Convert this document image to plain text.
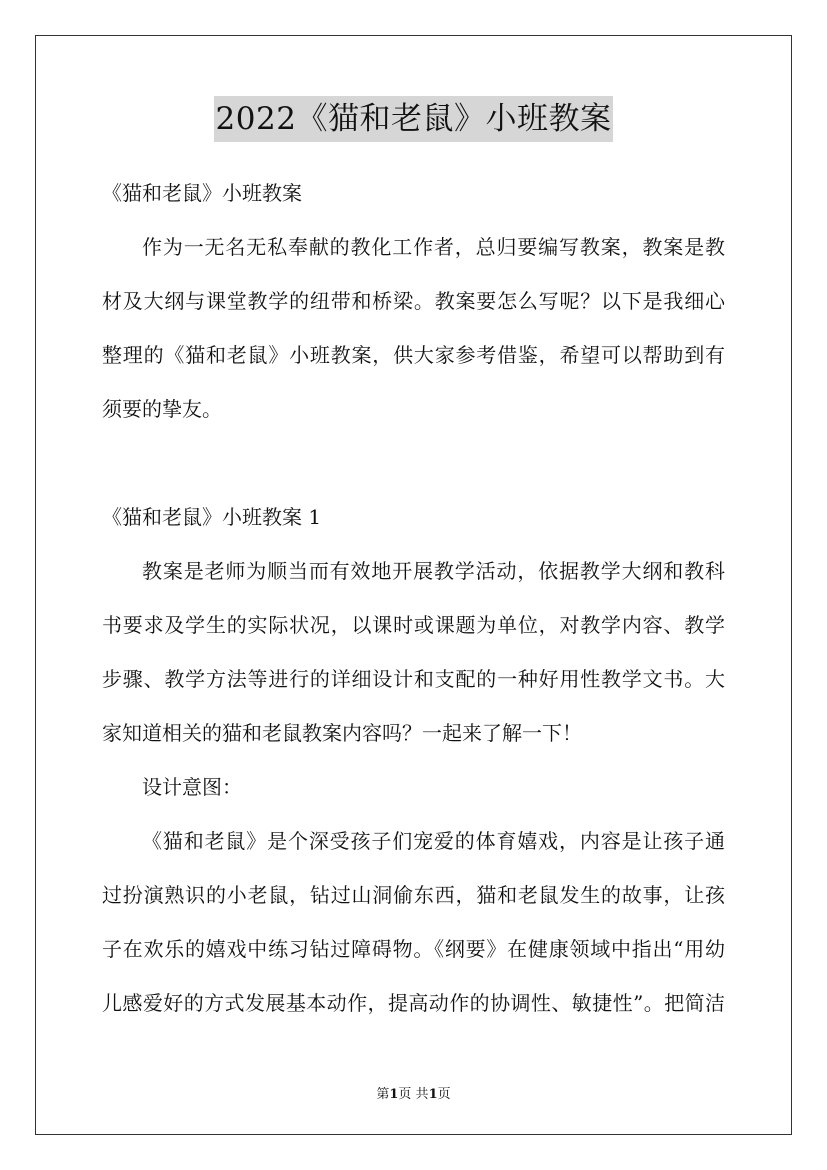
2022《猫和老鼠》小班教案
《猫和老鼠》小班教案
作为一无名无私奉献的教化工作者，总归要编写教案，教案是教
材及大纲与课堂教学的纽带和桥梁。教案要怎么写呢？以下是我细心
整理的《猫和老鼠》小班教案，供大家参考借鉴，希望可以帮助到有
须要的挚友。
《猫和老鼠》小班教案 1
教案是老师为顺当而有效地开展教学活动，依据教学大纲和教科
书要求及学生的实际状况，以课时或课题为单位，对教学内容、教学
步骤、教学方法等进行的详细设计和支配的一种好用性教学文书。大
家知道相关的猫和老鼠教案内容吗？一起来了解一下！
设计意图：
《猫和老鼠》是个深受孩子们宠爱的体育嬉戏，内容是让孩子通
过扮演熟识的小老鼠，钻过山洞偷东西，猫和老鼠发生的故事，让孩
子在欢乐的嬉戏中练习钻过障碍物。《纲要》在健康领域中指出“用幼
儿感爱好的方式发展基本动作，提高动作的协调性、敏捷性”。把简洁
第1页 共1页
